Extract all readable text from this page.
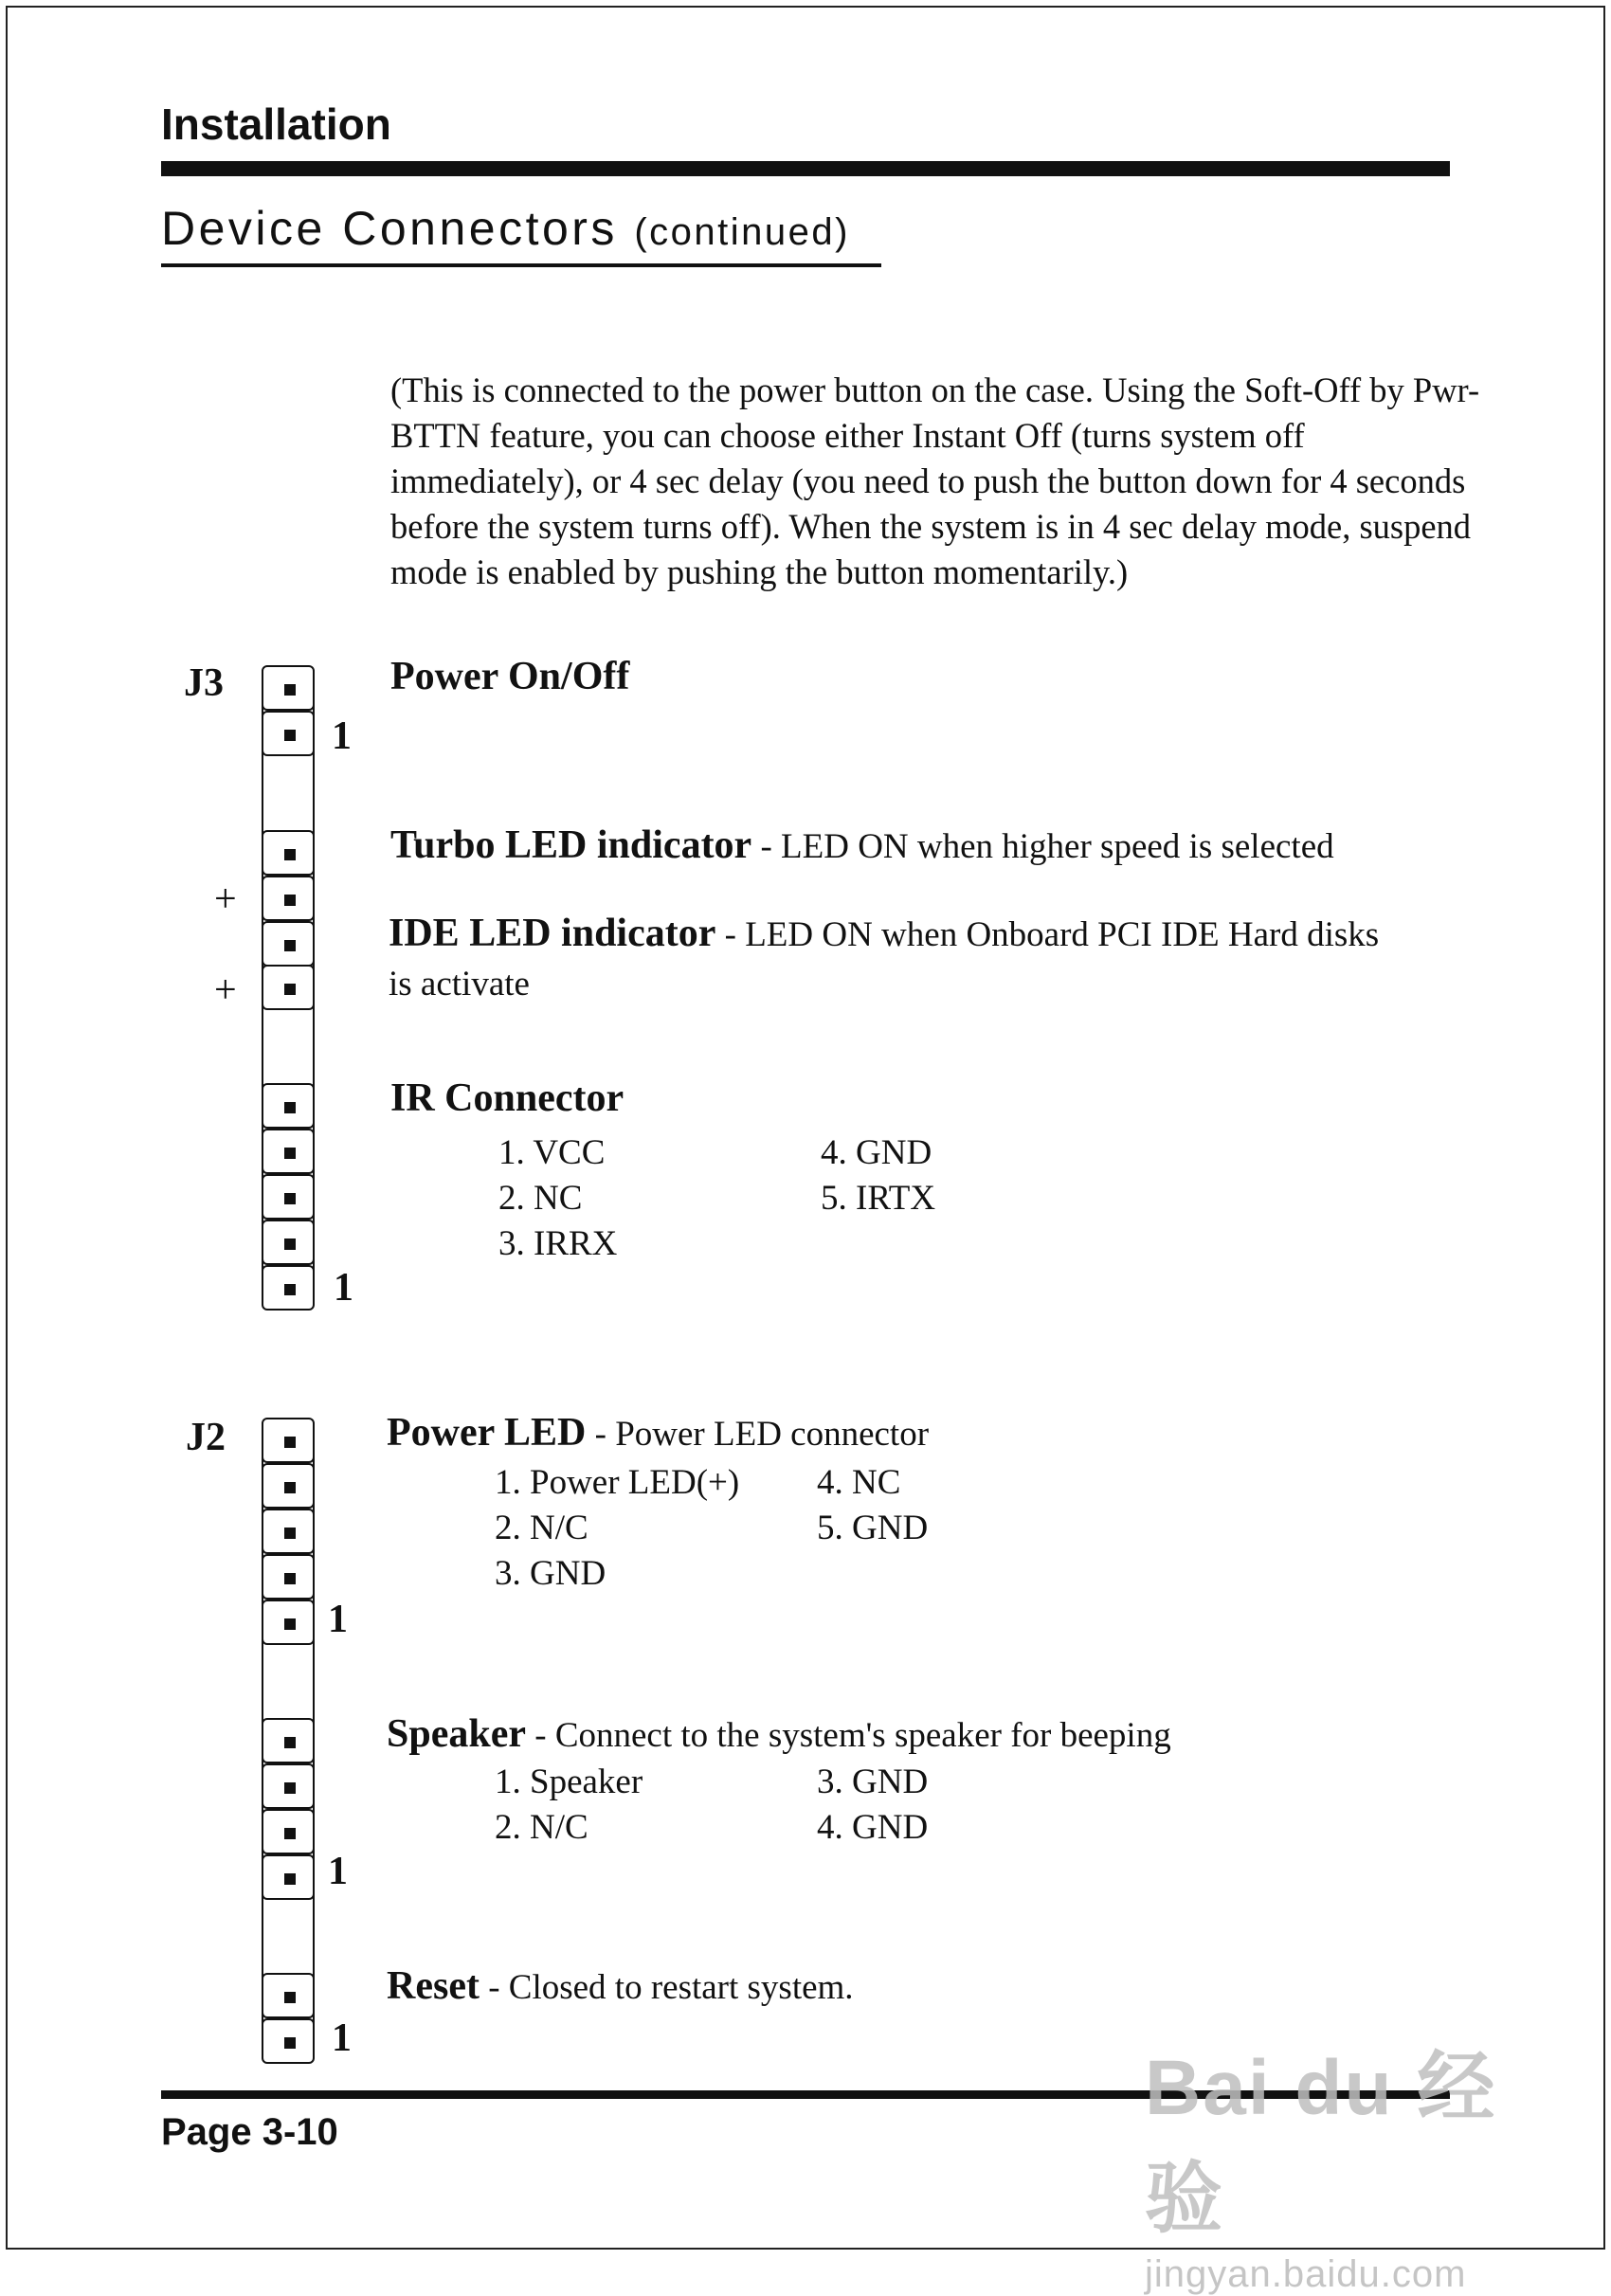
Installation
Device Connectors (continued)
(This is connected to the power button on the case. Using the Soft-Off by Pwr-BTTN feature, you can choose either Instant Off (turns system off immediately), or 4 sec delay (you need to push the button down for 4 seconds before the system turns off). When the system is in 4 sec delay mode, suspend mode is enabled by pushing the button momentarily.)
J3
1
1
+
+
Power On/Off
Turbo LED indicator - LED ON when higher speed is selected
IDE LED indicator - LED ON when Onboard PCI IDE Hard disks
is activate
IR Connector
1. VCC
2. NC
3. IRRX
4. GND
5. IRTX
J2
1
1
1
Power LED - Power LED connector
1. Power LED(+)
2. N/C
3. GND
4. NC
5. GND
Speaker - Connect to the system's speaker for beeping
1. Speaker
2. N/C
3. GND
4. GND
Reset - Closed to restart system.
Page 3-10
Bai du 经验
jingyan.baidu.com
